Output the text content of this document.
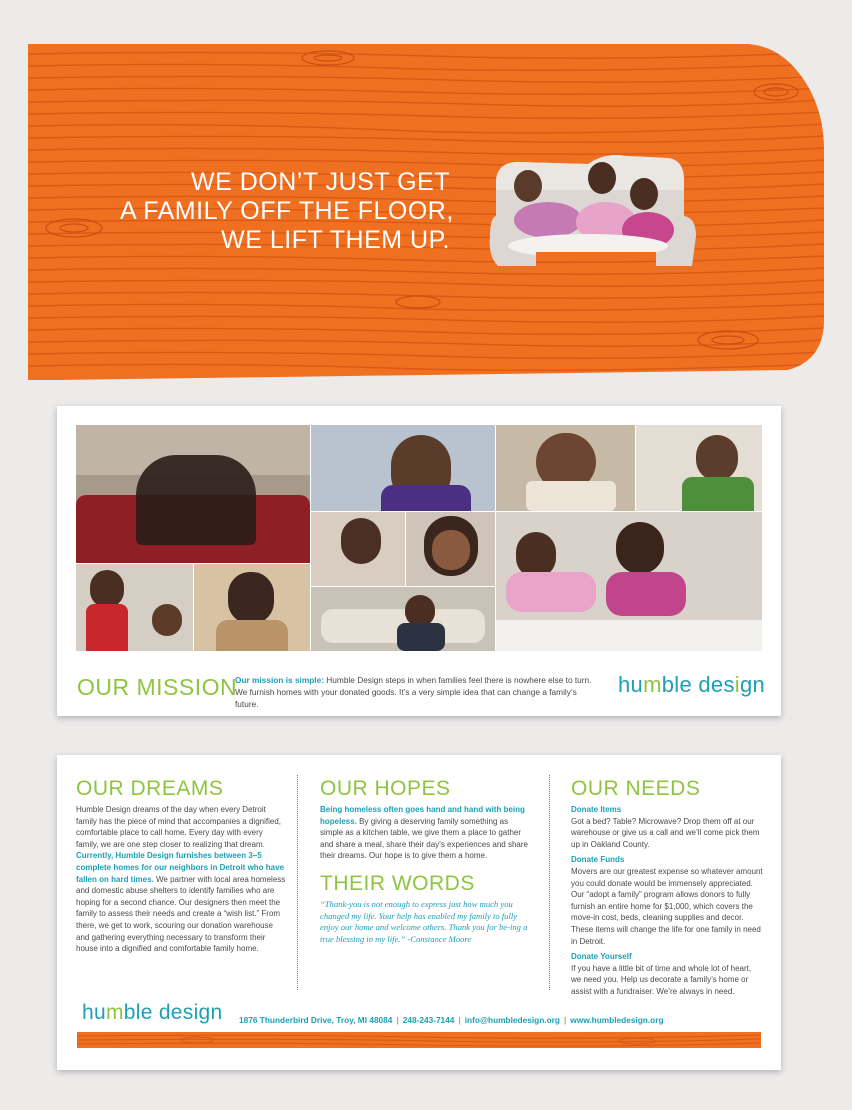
WE DON’T JUST GET
A FAMILY OFF THE FLOOR,
WE LIFT THEM UP.
OUR MISSION
Our mission is simple: Humble Design steps in when families feel there is nowhere else to turn. We furnish homes with your donated goods. It’s a very simple idea that can change a family’s future.
humble design
OUR DREAMS

Humble Design dreams of the day when every Detroit family has the piece of mind that accompanies a dignified, comfortable place to call home. Every day with every family, we are one step closer to realizing that dream.

Currently, Humble Design furnishes between 3–5 complete homes for our neighbors in Detroit who have fallen on hard times. We partner with local area homeless and domestic abuse shelters to identify families who are hoping for a second chance. Our designers then meet the family to assess their needs and create a “wish list.” From there, we get to work, scouring our donation warehouse and gathering everything necessary to transform their house into a dignified and comfortable family home.

OUR HOPES

Being homeless often goes hand and hand with being hopeless. By giving a deserving family something as simple as a kitchen table, we give them a place to gather and share a meal, share their day’s experiences and share their dreams. Our hope is to give them a home.

THEIR WORDS

“Thank-you is not enough to express just how much you changed my life. Your help has enabled my family to fully enjoy our home and welcome others. Thank you for be-ing a true blessing in my life.” -Constance Moore

OUR NEEDS
Donate Items

Got a bed? Table? Microwave? Drop them off at our warehouse or give us a call and we’ll come pick them up in Oakland County.

Donate Funds

Movers are our greatest expense so whatever amount you could donate would be immensely appreciated. Our “adopt a family” program allows donors to fully furnish an entire home for $1,000, which covers the move-in cost, beds, cleaning supplies and decor. These items will change the life for one family in need in Detroit.

Donate Yourself

If you have a little bit of time and whole lot of heart, we need you. Help us decorate a family’s home or assist with a fundraiser. We’re always in need.

humble design 1876 Thunderbird Drive, Troy, MI 48084 | 248-243-7144 | info@humbledesign.org | www.humbledesign.org
